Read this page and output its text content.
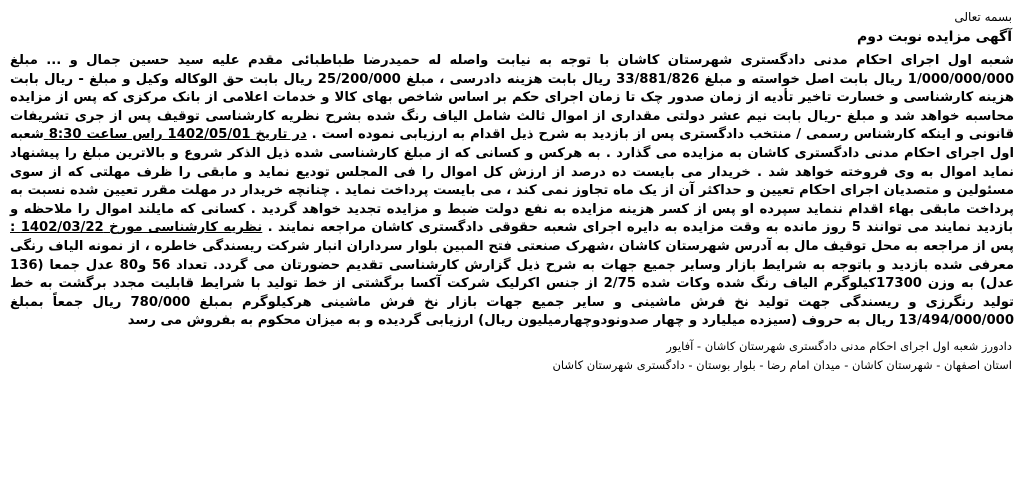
بسمه تعالی
آگهی مزایده نوبت دوم
شعبه اول اجرای احکام مدنی دادگستری شهرستان کاشان با توجه به نیابت واصله له حمیدرضا طباطبائی مقدم علیه سید حسین جمال و ... مبلغ 1/000/000/000 ریال بابت اصل خواسته و مبلغ 33/881/826 ریال بابت هزینه دادرسی ، مبلغ 25/200/000 ریال بابت حق الوکاله وکیل و مبلغ - ریال بابت هزینه کارشناسی و خسارت تاخیر تأدیه از زمان صدور چک تا زمان اجرای حکم بر اساس شاخص بهای کالا و خدمات اعلامی از بانک مرکزی که پس از مزایده محاسبه خواهد شد و مبلغ -ریال بابت نیم عشر دولتی مقداری از اموال ثالث شامل الیاف رنگ شده بشرح نظریه کارشناسی توقیف پس از جری تشریفات قانونی و اینکه کارشناس رسمی / منتخب دادگستری پس از بازدید به شرح ذیل اقدام به ارزیابی نموده است . در تاریخ 1402/05/01 راس ساعت 8:30 شعبه اول اجرای احکام مدنی دادگستری کاشان به مزایده می گذارد . به هرکس و کسانی که از مبلغ کارشناسی شده ذیل الذکر شروع و بالاترین مبلغ را پیشنهاد نماید اموال به وی فروخته خواهد شد . خریدار می بایست ده درصد از ارزش کل اموال را فی المجلس تودیع نماید و مابقی را ظرف مهلتی که از سوی مسئولین و متصدیان اجرای احکام تعیین و حداکثر آن از یک ماه تجاوز نمی کند ، می بایست پرداخت نماید . چنانچه خریدار در مهلت مقرر تعیین شده نسبت به پرداخت مابقی بهاء اقدام ننماید سپرده او پس از کسر هزینه مزایده به نفع دولت ضبط و مزایده تجدید خواهد گردید . کسانی که مایلند اموال را ملاحظه و بازدید نمایند می توانند 5 روز مانده به وقت مزایده به دایره اجرای شعبه حقوقی دادگستری کاشان مراجعه نمایند . نظریه کارشناسی مورخ 1402/03/22 : پس از مراجعه به محل توقیف مال به آدرس شهرستان کاشان ،شهرک صنعتی فتح المبین بلوار سرداران انبار شرکت ریسندگی خاطره ، از نمونه الیاف رنگی معرفی شده بازدید و باتوجه به شرایط بازار وسایر جمیع جهات به شرح ذیل گزارش کارشناسی تقدیم حضورتان می گردد. تعداد 56 و80 عدل جمعا (136 عدل) به وزن 17300کیلوگرم الیاف رنگ شده وکات شده 2/75 از جنس اکرلیک شرکت آکسا برگشتی از خط تولید با شرایط قابلیت مجدد برگشت به خط تولید رنگرزی و ریسندگی جهت تولید نخ فرش ماشینی و سایر جمیع جهات بازار نخ فرش ماشینی هرکیلوگرم بمبلغ 780/000 ریال جمعاً بمبلغ 13/494/000/000 ریال به حروف (سیزده میلیارد و چهار صدونودوچهارمیلیون ریال) ارزیابی گردیده و به میزان محکوم به بفروش می رسد
دادورز شعبه اول اجرای احکام مدنی دادگستری شهرستان کاشان - آفایور
استان اصفهان - شهرستان کاشان - میدان امام رضا - بلوار بوستان - دادگستری شهرستان کاشان
